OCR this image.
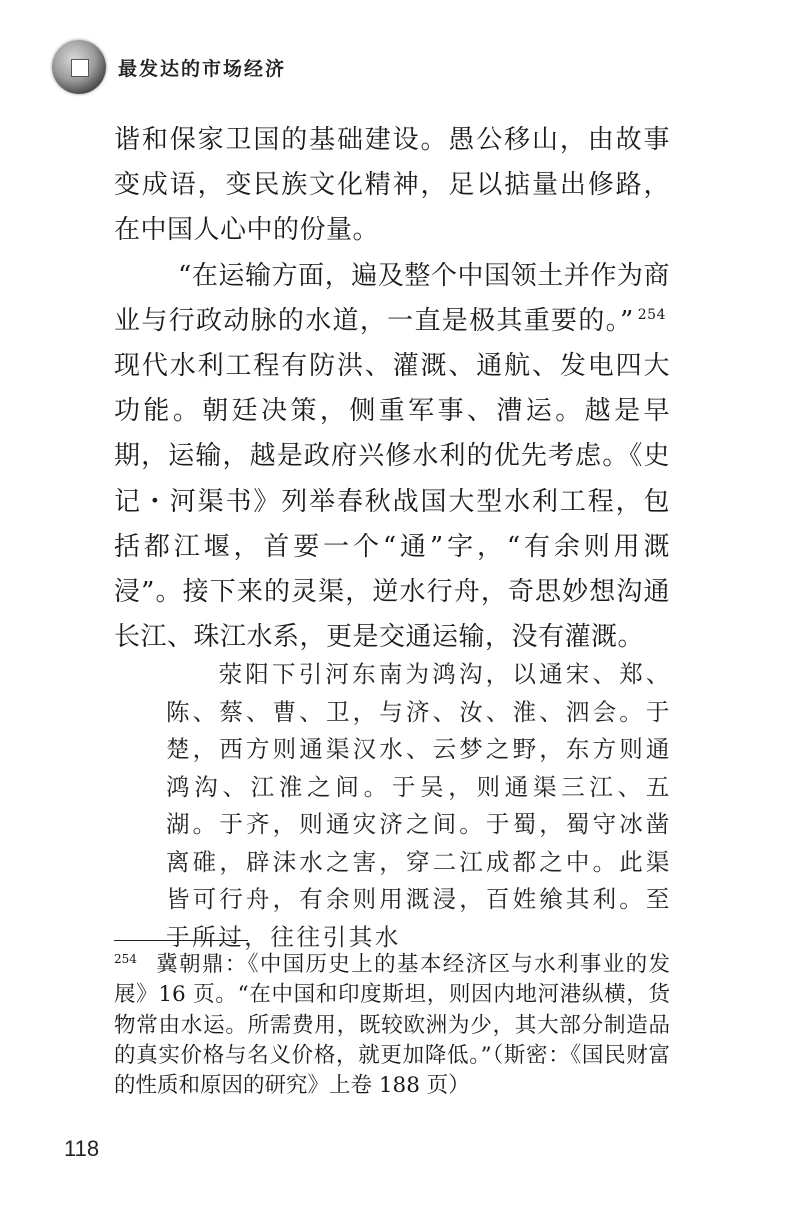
最发达的市场经济

谐和保家卫国的基础建设。愚公移山，由故事变成语，变民族文化精神，足以掂量出修路，在中国人心中的份量。

“在运输方面，遍及整个中国领土并作为商业与行政动脉的水道，一直是极其重要的。” $^{254}$现代水利工程有防洪、灌溉、通航、发电四大功能。朝廷决策，侧重军事、漕运。越是早期，运输，越是政府兴修水利的优先考虑。《史记・河渠书》列举春秋战国大型水利工程，包括都江堰，首要一个“通”字，“有余则用溉浸”。接下来的灵渠，逆水行舟，奇思妙想沟通长江、珠江水系，更是交通运输，没有灌溉。

荥阳下引河东南为鸿沟，以通宋、郑、陈、蔡、曹、卫，与济、汝、淮、泗会。于楚，西方则通渠汉水、云梦之野，东方则通鸿沟、江淮之间。于吴，则通渠三江、五湖。于齐，则通灾济之间。于蜀，蜀守冰凿离碓，辟沫水之害，穿二江成都之中。此渠皆可行舟，有余则用溉浸，百姓飨其利。至于所过，往往引其水

$^{254}$ 冀朝鼎：《中国历史上的基本经济区与水利事业的发展》16 页。“在中国和印度斯坦，则因内地河港纵横，货物常由水运。所需费用，既较欧洲为少，其大部分制造品的真实价格与名义价格，就更加降低。”（斯密：《国民财富的性质和原因的研究》上卷 188 页）

118
